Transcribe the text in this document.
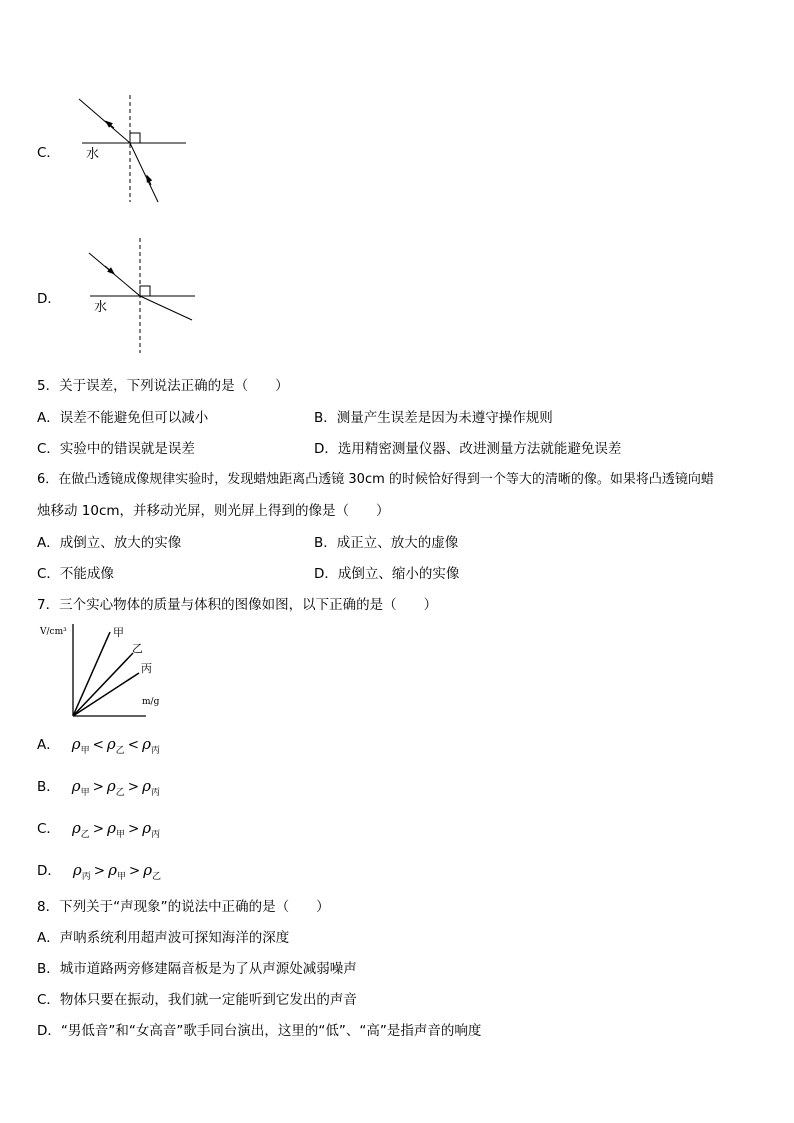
C． 水
D．
水
5．关于误差，下列说法正确的是（　　）
A．误差不能避免但可以减小	B．测量产生误差是因为未遵守操作规则
C．实验中的错误就是误差	D．选用精密测量仪器、改进测量方法就能避免误差
6．在做凸透镜成像规律实验时，发现蜡烛距离凸透镜 30cm 的时候恰好得到一个等大的清晰的像。如果将凸透镜向蜡
烛移动 10cm，并移动光屏，则光屏上得到的像是（　　）
A．成倒立、放大的实像	B．成正立、放大的虚像
C．不能成像	D．成倒立、缩小的实像
7．三个实心物体的质量与体积的图像如图，以下正确的是（　　）
V/cm³
m/g
甲
乙
丙
A． $\rho_甲 < \rho_乙 < \rho_丙$
B． $\rho_甲 > \rho_乙 > \rho_丙$
C． $\rho_乙 > \rho_甲 > \rho_丙$
D． $\rho_丙 > \rho_甲 > \rho_乙$
8．下列关于“声现象”的说法中正确的是（　　）
A．声呐系统利用超声波可探知海洋的深度
B．城市道路两旁修建隔音板是为了从声源处减弱噪声
C．物体只要在振动，我们就一定能听到它发出的声音
D．“男低音”和“女高音”歌手同台演出，这里的“低”、“高”是指声音的响度
